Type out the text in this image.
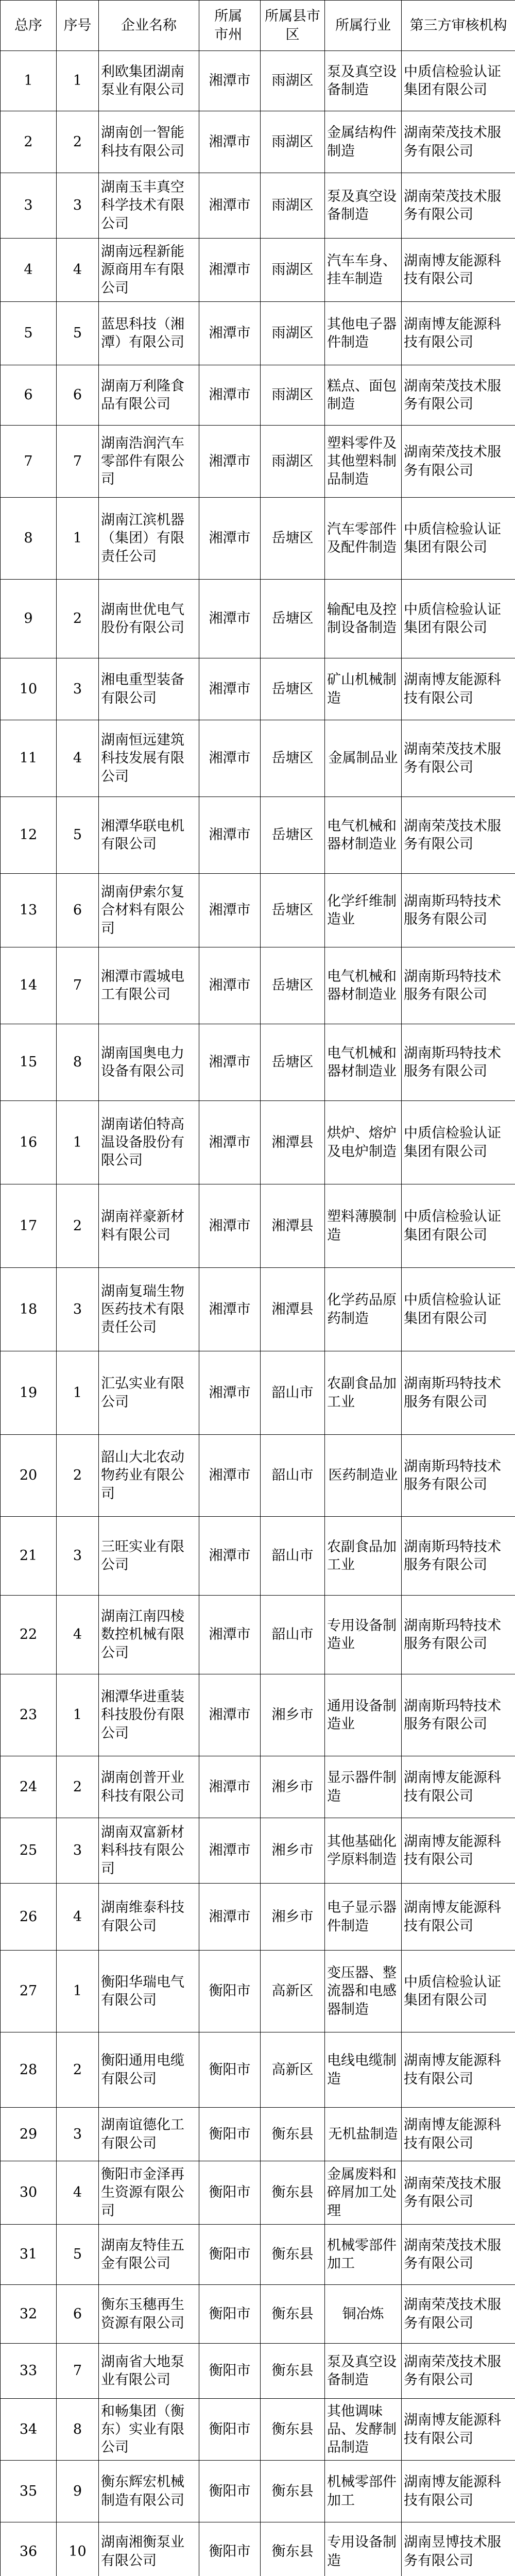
总序	序号	企业名称	所属市州	所属县市区	所属行业	第三方审核机构
1	1	利欧集团湖南泵业有限公司	湘潭市	雨湖区	泵及真空设备制造	中质信检验认证集团有限公司
2	2	湖南创一智能科技有限公司	湘潭市	雨湖区	金属结构件制造	湖南荣茂技术服务有限公司
3	3	湖南玉丰真空科学技术有限公司	湘潭市	雨湖区	泵及真空设备制造	湖南荣茂技术服务有限公司
4	4	湖南远程新能源商用车有限公司	湘潭市	雨湖区	汽车车身、挂车制造	湖南博友能源科技有限公司
5	5	蓝思科技（湘潭）有限公司	湘潭市	雨湖区	其他电子器件制造	湖南博友能源科技有限公司
6	6	湖南万利隆食品有限公司	湘潭市	雨湖区	糕点、面包制造	湖南荣茂技术服务有限公司
7	7	湖南浩润汽车零部件有限公司	湘潭市	雨湖区	塑料零件及其他塑料制品制造	湖南荣茂技术服务有限公司
8	1	湖南江滨机器（集团）有限责任公司	湘潭市	岳塘区	汽车零部件及配件制造	中质信检验认证集团有限公司
9	2	湖南世优电气股份有限公司	湘潭市	岳塘区	输配电及控制设备制造	中质信检验认证集团有限公司
10	3	湘电重型装备有限公司	湘潭市	岳塘区	矿山机械制造	湖南博友能源科技有限公司
11	4	湖南恒远建筑科技发展有限公司	湘潭市	岳塘区	金属制品业	湖南荣茂技术服务有限公司
12	5	湘潭华联电机有限公司	湘潭市	岳塘区	电气机械和器材制造业	湖南荣茂技术服务有限公司
13	6	湖南伊索尔复合材料有限公司	湘潭市	岳塘区	化学纤维制造业	湖南斯玛特技术服务有限公司
14	7	湘潭市霞城电工有限公司	湘潭市	岳塘区	电气机械和器材制造业	湖南斯玛特技术服务有限公司
15	8	湖南国奥电力设备有限公司	湘潭市	岳塘区	电气机械和器材制造业	湖南斯玛特技术服务有限公司
16	1	湖南诺伯特高温设备股份有限公司	湘潭市	湘潭县	烘炉、熔炉及电炉制造	中质信检验认证集团有限公司
17	2	湖南祥豪新材料有限公司	湘潭市	湘潭县	塑料薄膜制造	中质信检验认证集团有限公司
18	3	湖南复瑞生物医药技术有限责任公司	湘潭市	湘潭县	化学药品原药制造	中质信检验认证集团有限公司
19	1	汇弘实业有限公司	湘潭市	韶山市	农副食品加工业	湖南斯玛特技术服务有限公司
20	2	韶山大北农动物药业有限公司	湘潭市	韶山市	医药制造业	湖南斯玛特技术服务有限公司
21	3	三旺实业有限公司	湘潭市	韶山市	农副食品加工业	湖南斯玛特技术服务有限公司
22	4	湖南江南四棱数控机械有限公司	湘潭市	韶山市	专用设备制造业	湖南斯玛特技术服务有限公司
23	1	湘潭华进重装科技股份有限公司	湘潭市	湘乡市	通用设备制造业	湖南斯玛特技术服务有限公司
24	2	湖南创普开业科技有限公司	湘潭市	湘乡市	显示器件制造	湖南博友能源科技有限公司
25	3	湖南双富新材料科技有限公司	湘潭市	湘乡市	其他基础化学原料制造	湖南博友能源科技有限公司
26	4	湖南维泰科技有限公司	湘潭市	湘乡市	电子显示器件制造	湖南博友能源科技有限公司
27	1	衡阳华瑞电气有限公司	衡阳市	高新区	变压器、整流器和电感器制造	中质信检验认证集团有限公司
28	2	衡阳通用电缆有限公司	衡阳市	高新区	电线电缆制造	湖南博友能源科技有限公司
29	3	湖南谊德化工有限公司	衡阳市	衡东县	无机盐制造	湖南博友能源科技有限公司
30	4	衡阳市金泽再生资源有限公司	衡阳市	衡东县	金属废料和碎屑加工处理	湖南荣茂技术服务有限公司
31	5	湖南友特佳五金有限公司	衡阳市	衡东县	机械零部件加工	湖南荣茂技术服务有限公司
32	6	衡东玉穗再生资源有限公司	衡阳市	衡东县	铜冶炼	湖南荣茂技术服务有限公司
33	7	湖南省大地泵业有限公司	衡阳市	衡东县	泵及真空设备制造	湖南荣茂技术服务有限公司
34	8	和畅集团（衡东）实业有限公司	衡阳市	衡东县	其他调味品、发酵制品制造	湖南博友能源科技有限公司
35	9	衡东辉宏机械制造有限公司	衡阳市	衡东县	机械零部件加工	湖南博友能源科技有限公司
36	10	湖南湘衡泵业有限公司	衡阳市	衡东县	专用设备制造	湖南昱博技术服务有限公司
